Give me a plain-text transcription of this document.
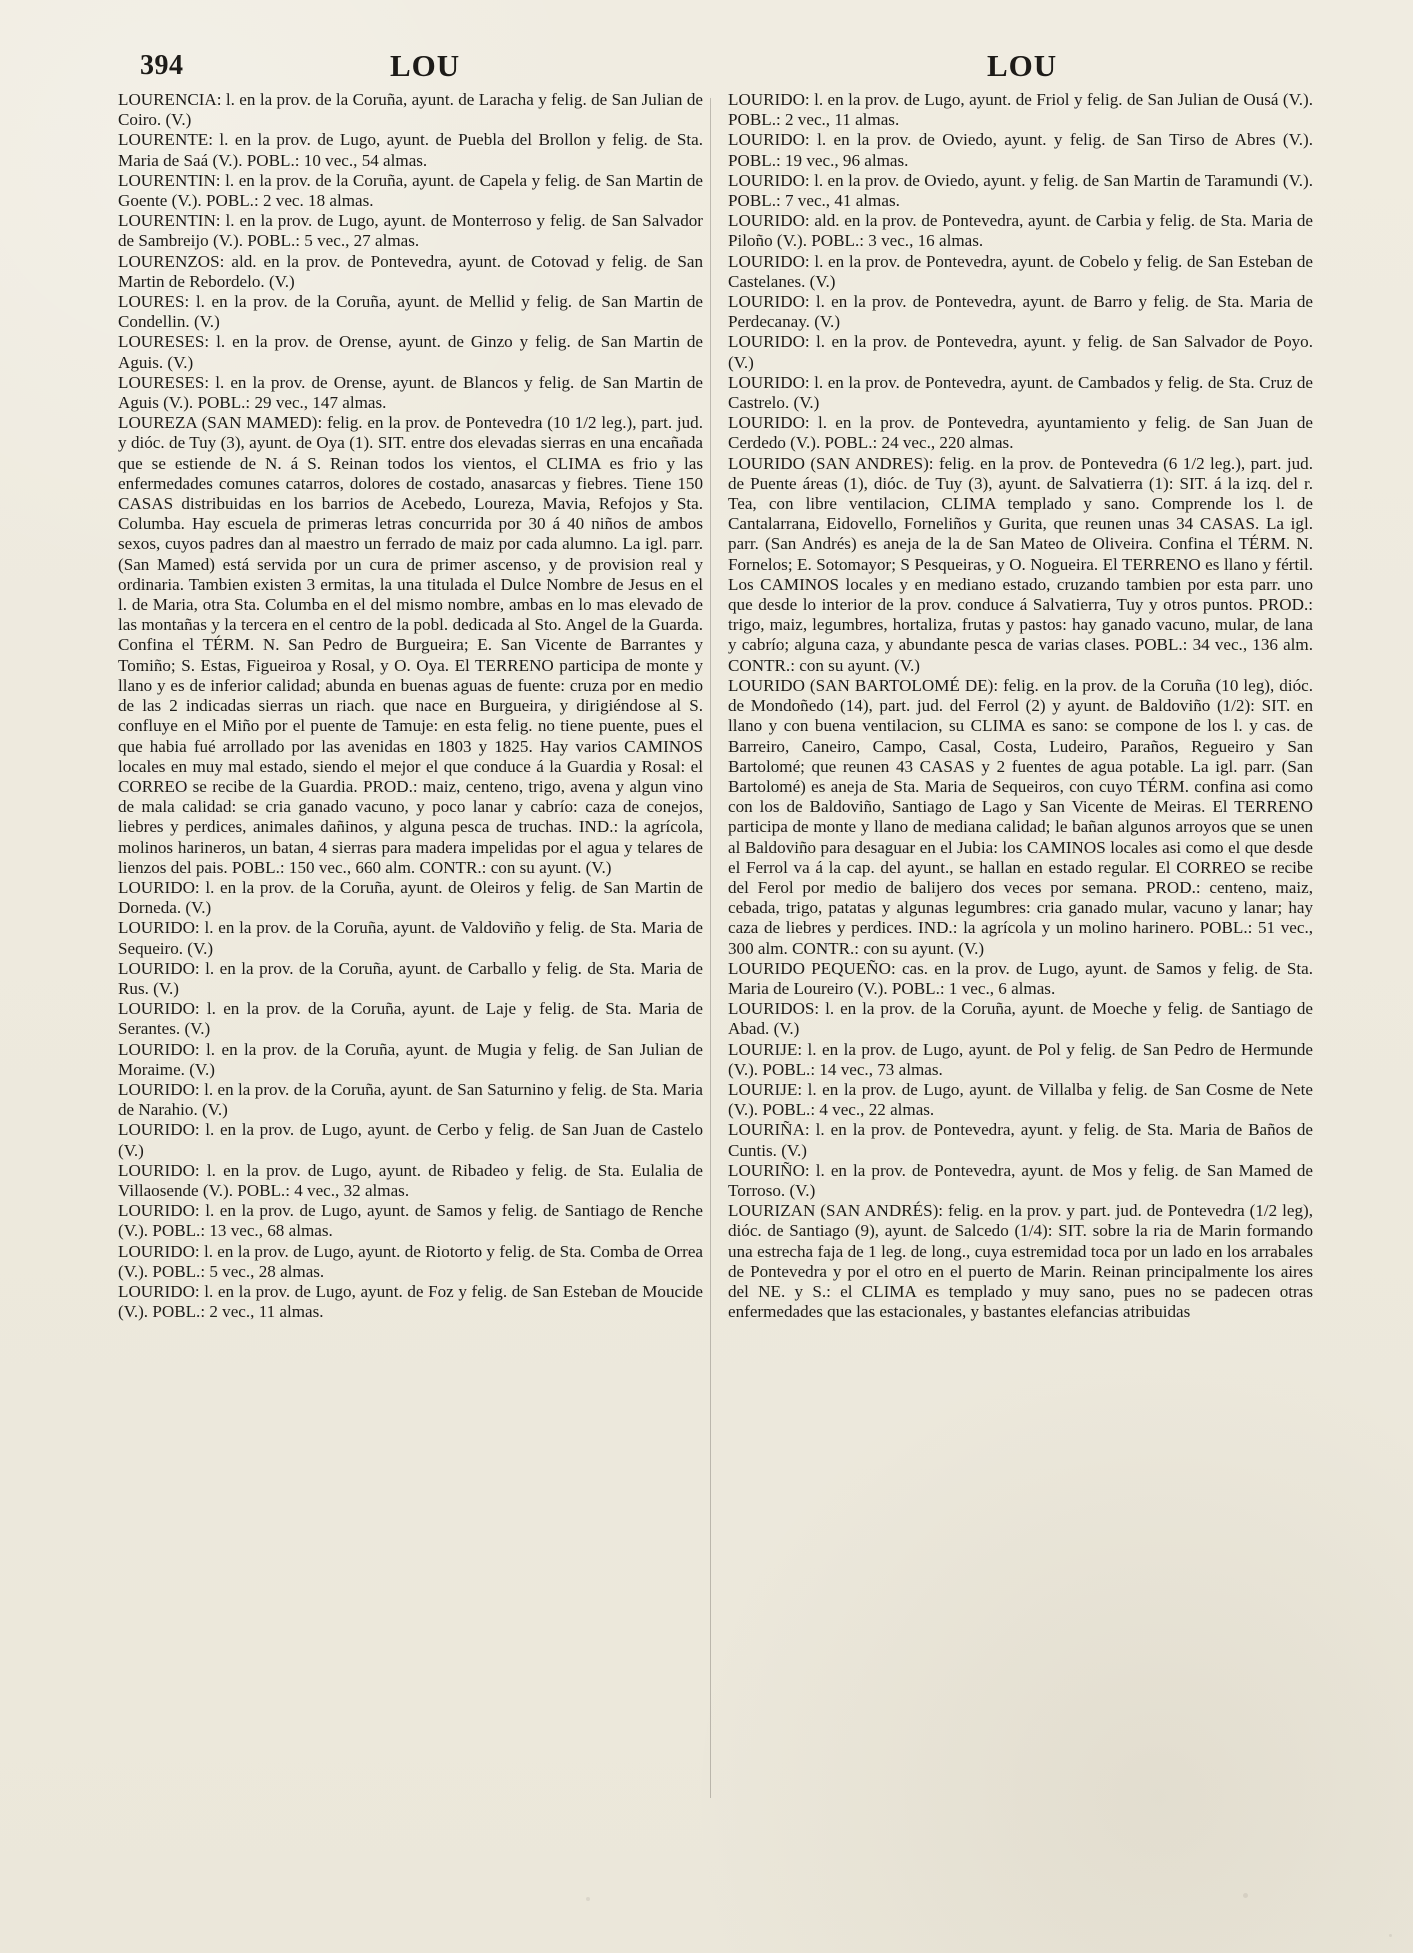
394	LOU	LOU

LOURENCIA: l. en la prov. de la Coruña, ayunt. de Laracha y felig. de San Julian de Coiro. (V.)

LOURENTE: l. en la prov. de Lugo, ayunt. de Puebla del Brollon y felig. de Sta. Maria de Saá (V.). POBL.: 10 vec., 54 almas.

LOURENTIN: l. en la prov. de la Coruña, ayunt. de Capela y felig. de San Martin de Goente (V.). POBL.: 2 vec. 18 almas.

LOURENTIN: l. en la prov. de Lugo, ayunt. de Monterroso y felig. de San Salvador de Sambreijo (V.). POBL.: 5 vec., 27 almas.

LOURENZOS: ald. en la prov. de Pontevedra, ayunt. de Cotovad y felig. de San Martin de Rebordelo. (V.)

LOURES: l. en la prov. de la Coruña, ayunt. de Mellid y felig. de San Martin de Condellin. (V.)

LOURESES: l. en la prov. de Orense, ayunt. de Ginzo y felig. de San Martin de Aguis. (V.)

LOURESES: l. en la prov. de Orense, ayunt. de Blancos y felig. de San Martin de Aguis (V.). POBL.: 29 vec., 147 almas.

LOUREZA (SAN MAMED): felig. en la prov. de Pontevedra (10 1/2 leg.), part. jud. y dióc. de Tuy (3), ayunt. de Oya (1). SIT. entre dos elevadas sierras en una encañada que se estiende de N. á S. Reinan todos los vientos, el CLIMA es frio y las enfermedades comunes catarros, dolores de costado, anasarcas y fiebres. Tiene 150 CASAS distribuidas en los barrios de Acebedo, Loureza, Mavia, Refojos y Sta. Columba. Hay escuela de primeras letras concurrida por 30 á 40 niños de ambos sexos, cuyos padres dan al maestro un ferrado de maiz por cada alumno. La igl. parr. (San Mamed) está servida por un cura de primer ascenso, y de provision real y ordinaria. Tambien existen 3 ermitas, la una titulada el Dulce Nombre de Jesus en el l. de Maria, otra Sta. Columba en el del mismo nombre, ambas en lo mas elevado de las montañas y la tercera en el centro de la pobl. dedicada al Sto. Angel de la Guarda. Confina el TÉRM. N. San Pedro de Burgueira; E. San Vicente de Barrantes y Tomiño; S. Estas, Figueiroa y Rosal, y O. Oya. El TERRENO participa de monte y llano y es de inferior calidad; abunda en buenas aguas de fuente: cruza por en medio de las 2 indicadas sierras un riach. que nace en Burgueira, y dirigiéndose al S. confluye en el Miño por el puente de Tamuje: en esta felig. no tiene puente, pues el que habia fué arrollado por las avenidas en 1803 y 1825. Hay varios CAMINOS locales en muy mal estado, siendo el mejor el que conduce á la Guardia y Rosal: el CORREO se recibe de la Guardia. PROD.: maiz, centeno, trigo, avena y algun vino de mala calidad: se cria ganado vacuno, y poco lanar y cabrío: caza de conejos, liebres y perdices, animales dañinos, y alguna pesca de truchas. IND.: la agrícola, molinos harineros, un batan, 4 sierras para madera impelidas por el agua y telares de lienzos del pais. POBL.: 150 vec., 660 alm. CONTR.: con su ayunt. (V.)

LOURIDO: l. en la prov. de la Coruña, ayunt. de Oleiros y felig. de San Martin de Dorneda. (V.)

LOURIDO: l. en la prov. de la Coruña, ayunt. de Valdoviño y felig. de Sta. Maria de Sequeiro. (V.)

LOURIDO: l. en la prov. de la Coruña, ayunt. de Carballo y felig. de Sta. Maria de Rus. (V.)

LOURIDO: l. en la prov. de la Coruña, ayunt. de Laje y felig. de Sta. Maria de Serantes. (V.)

LOURIDO: l. en la prov. de la Coruña, ayunt. de Mugia y felig. de San Julian de Moraime. (V.)

LOURIDO: l. en la prov. de la Coruña, ayunt. de San Saturnino y felig. de Sta. Maria de Narahio. (V.)

LOURIDO: l. en la prov. de Lugo, ayunt. de Cerbo y felig. de San Juan de Castelo (V.)

LOURIDO: l. en la prov. de Lugo, ayunt. de Ribadeo y felig. de Sta. Eulalia de Villaosende (V.). POBL.: 4 vec., 32 almas.

LOURIDO: l. en la prov. de Lugo, ayunt. de Samos y felig. de Santiago de Renche (V.). POBL.: 13 vec., 68 almas.

LOURIDO: l. en la prov. de Lugo, ayunt. de Riotorto y felig. de Sta. Comba de Orrea (V.). POBL.: 5 vec., 28 almas.

LOURIDO: l. en la prov. de Lugo, ayunt. de Foz y felig. de San Esteban de Moucide (V.). POBL.: 2 vec., 11 almas.

LOURIDO: l. en la prov. de Lugo, ayunt. de Friol y felig. de San Julian de Ousá (V.). POBL.: 2 vec., 11 almas.

LOURIDO: l. en la prov. de Oviedo, ayunt. y felig. de San Tirso de Abres (V.). POBL.: 19 vec., 96 almas.

LOURIDO: l. en la prov. de Oviedo, ayunt. y felig. de San Martin de Taramundi (V.). POBL.: 7 vec., 41 almas.

LOURIDO: ald. en la prov. de Pontevedra, ayunt. de Carbia y felig. de Sta. Maria de Piloño (V.). POBL.: 3 vec., 16 almas.

LOURIDO: l. en la prov. de Pontevedra, ayunt. de Cobelo y felig. de San Esteban de Castelanes. (V.)

LOURIDO: l. en la prov. de Pontevedra, ayunt. de Barro y felig. de Sta. Maria de Perdecanay. (V.)

LOURIDO: l. en la prov. de Pontevedra, ayunt. y felig. de San Salvador de Poyo. (V.)

LOURIDO: l. en la prov. de Pontevedra, ayunt. de Cambados y felig. de Sta. Cruz de Castrelo. (V.)

LOURIDO: l. en la prov. de Pontevedra, ayuntamiento y felig. de San Juan de Cerdedo (V.). POBL.: 24 vec., 220 almas.

LOURIDO (SAN ANDRES): felig. en la prov. de Pontevedra (6 1/2 leg.), part. jud. de Puente áreas (1), dióc. de Tuy (3), ayunt. de Salvatierra (1): SIT. á la izq. del r. Tea, con libre ventilacion, CLIMA templado y sano. Comprende los l. de Cantalarrana, Eidovello, Forneliños y Gurita, que reunen unas 34 CASAS. La igl. parr. (San Andrés) es aneja de la de San Mateo de Oliveira. Confina el TÉRM. N. Fornelos; E. Sotomayor; S Pesqueiras, y O. Nogueira. El TERRENO es llano y fértil. Los CAMINOS locales y en mediano estado, cruzando tambien por esta parr. uno que desde lo interior de la prov. conduce á Salvatierra, Tuy y otros puntos. PROD.: trigo, maiz, legumbres, hortaliza, frutas y pastos: hay ganado vacuno, mular, de lana y cabrío; alguna caza, y abundante pesca de varias clases. POBL.: 34 vec., 136 alm. CONTR.: con su ayunt. (V.)

LOURIDO (SAN BARTOLOMÉ DE): felig. en la prov. de la Coruña (10 leg), dióc. de Mondoñedo (14), part. jud. del Ferrol (2) y ayunt. de Baldoviño (1/2): SIT. en llano y con buena ventilacion, su CLIMA es sano: se compone de los l. y cas. de Barreiro, Caneiro, Campo, Casal, Costa, Ludeiro, Paraños, Regueiro y San Bartolomé; que reunen 43 CASAS y 2 fuentes de agua potable. La igl. parr. (San Bartolomé) es aneja de Sta. Maria de Sequeiros, con cuyo TÉRM. confina asi como con los de Baldoviño, Santiago de Lago y San Vicente de Meiras. El TERRENO participa de monte y llano de mediana calidad; le bañan algunos arroyos que se unen al Baldoviño para desaguar en el Jubia: los CAMINOS locales asi como el que desde el Ferrol va á la cap. del ayunt., se hallan en estado regular. El CORREO se recibe del Ferol por medio de balijero dos veces por semana. PROD.: centeno, maiz, cebada, trigo, patatas y algunas legumbres: cria ganado mular, vacuno y lanar; hay caza de liebres y perdices. IND.: la agrícola y un molino harinero. POBL.: 51 vec., 300 alm. CONTR.: con su ayunt. (V.)

LOURIDO PEQUEÑO: cas. en la prov. de Lugo, ayunt. de Samos y felig. de Sta. Maria de Loureiro (V.). POBL.: 1 vec., 6 almas.

LOURIDOS: l. en la prov. de la Coruña, ayunt. de Moeche y felig. de Santiago de Abad. (V.)

LOURIJE: l. en la prov. de Lugo, ayunt. de Pol y felig. de San Pedro de Hermunde (V.). POBL.: 14 vec., 73 almas.

LOURIJE: l. en la prov. de Lugo, ayunt. de Villalba y felig. de San Cosme de Nete (V.). POBL.: 4 vec., 22 almas.

LOURIÑA: l. en la prov. de Pontevedra, ayunt. y felig. de Sta. Maria de Baños de Cuntis. (V.)

LOURIÑO: l. en la prov. de Pontevedra, ayunt. de Mos y felig. de San Mamed de Torroso. (V.)

LOURIZAN (SAN ANDRÉS): felig. en la prov. y part. jud. de Pontevedra (1/2 leg), dióc. de Santiago (9), ayunt. de Salcedo (1/4): SIT. sobre la ria de Marin formando una estrecha faja de 1 leg. de long., cuya estremidad toca por un lado en los arrabales de Pontevedra y por el otro en el puerto de Marin. Reinan principalmente los aires del NE. y S.: el CLIMA es templado y muy sano, pues no se padecen otras enfermedades que las estacionales, y bastantes elefancias atribuidas
